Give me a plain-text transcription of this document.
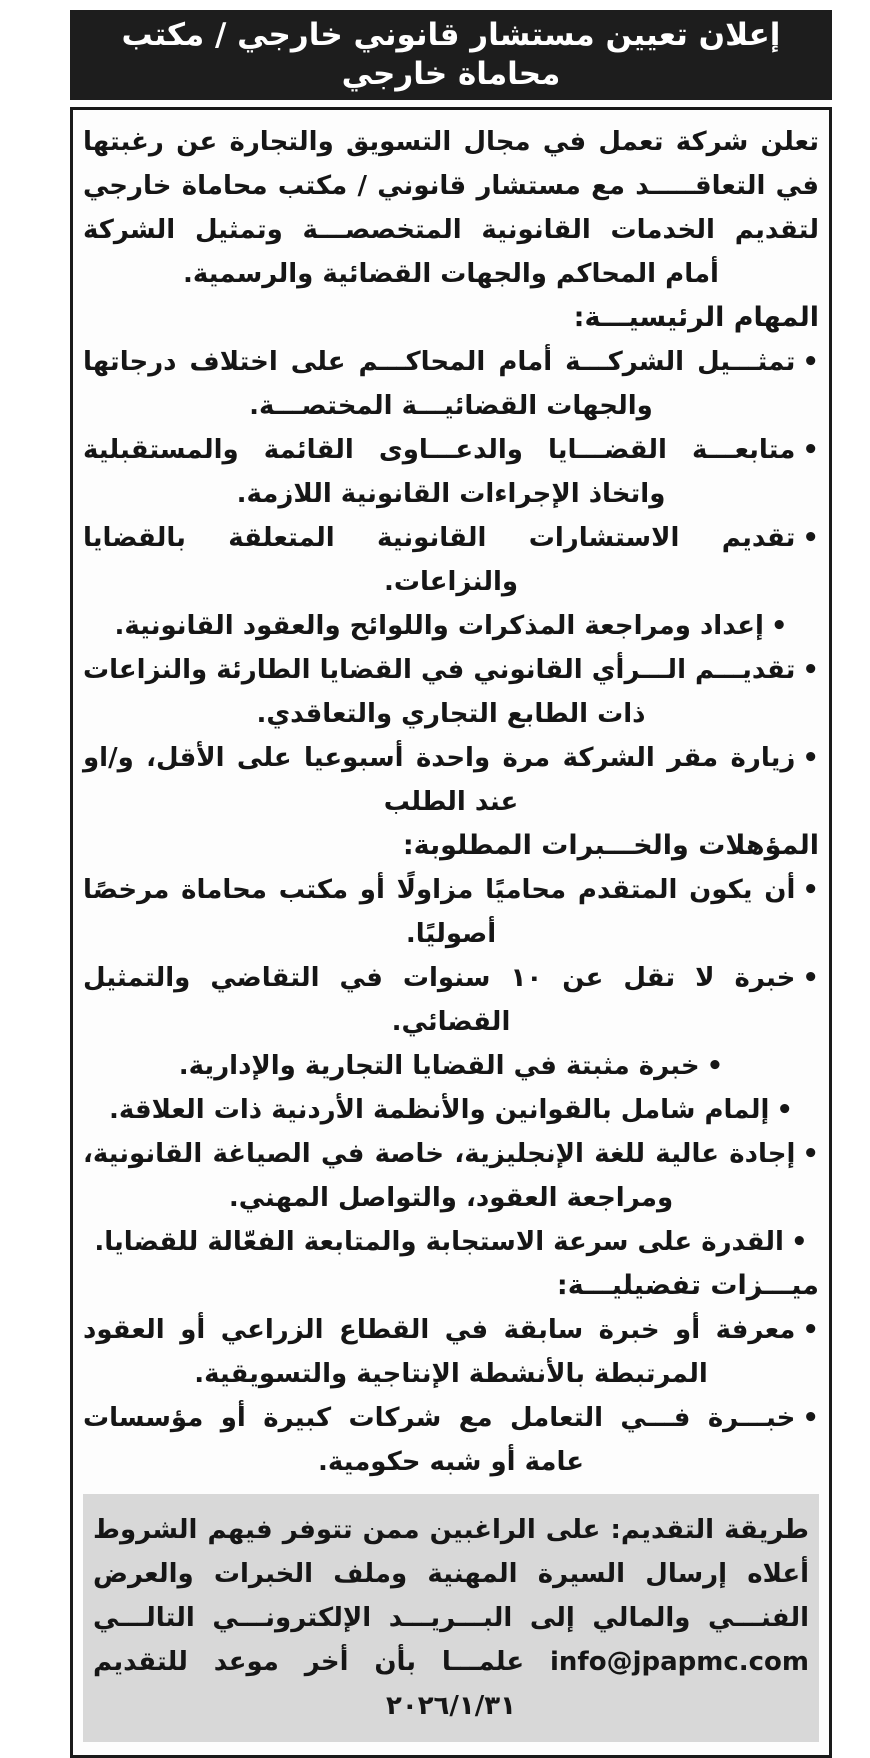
إعلان تعيين مستشار قانوني خارجي / مكتب محاماة خارجي

تعلن شركة تعمل في مجال التسويق والتجارة عن رغبتها في التعاقـــــد مع مستشار قانوني / مكتب محاماة خارجي لتقديم الخدمات القانونية المتخصصـــة وتمثيل الشركة أمام المحاكم والجهات القضائية والرسمية.

المهام الرئيسيـــة:

•تمثـــيل الشركـــة أمام المحاكـــم على اختلاف درجاتها والجهات القضائيـــة المختصـــة.

•متابعـــة القضـــايا والدعـــاوى القائمة والمستقبلية واتخاذ الإجراءات القانونية اللازمة.

•تقديم الاستشارات القانونية المتعلقة بالقضايا والنزاعات.

•إعداد ومراجعة المذكرات واللوائح والعقود القانونية.

•تقديـــم الـــرأي القانوني في القضايا الطارئة والنزاعات ذات الطابع التجاري والتعاقدي.

•زيارة مقر الشركة مرة واحدة أسبوعيا على الأقل، و/او عند الطلب

المؤهلات والخـــبرات المطلوبة:

•أن يكون المتقدم محاميًا مزاولًا أو مكتب محاماة مرخصًا أصوليًا.

•خبرة لا تقل عن ١٠ سنوات في التقاضي والتمثيل القضائي.

•خبرة مثبتة في القضايا التجارية والإدارية.

•إلمام شامل بالقوانين والأنظمة الأردنية ذات العلاقة.

•إجادة عالية للغة الإنجليزية، خاصة في الصياغة القانونية، ومراجعة العقود، والتواصل المهني.

•القدرة على سرعة الاستجابة والمتابعة الفعّالة للقضايا.

ميـــزات تفضيليـــة:

•معرفة أو خبرة سابقة في القطاع الزراعي أو العقود المرتبطة بالأنشطة الإنتاجية والتسويقية.

•خبـــرة فـــي التعامل مع شركات كبيرة أو مؤسسات عامة أو شبه حكومية.

طريقة التقديم: على الراغبين ممن تتوفر فيهم الشروط أعلاه إرسال السيرة المهنية وملف الخبرات والعرض الفنـــي والمالي إلى البـــريـــد الإلكترونـــي التالـــي info@jpapmc.com علمـــا بأن أخر موعد للتقديم ٢٠٢٦/١/٣١
